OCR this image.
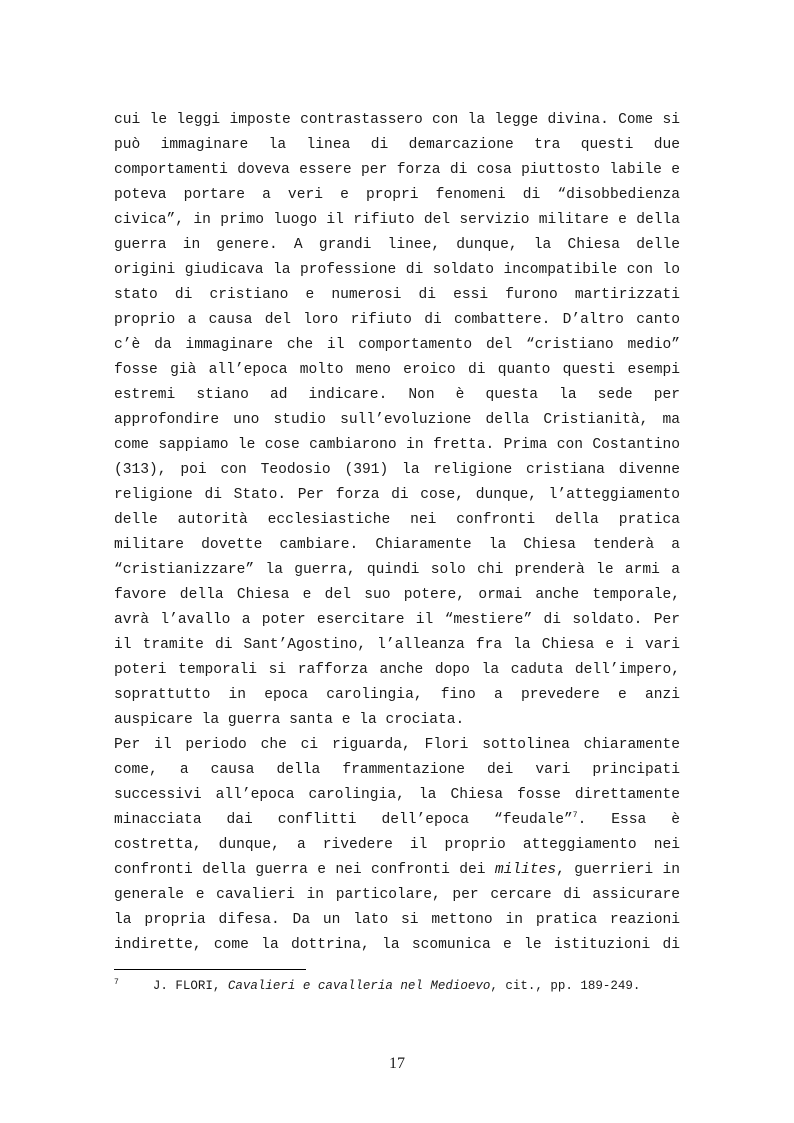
cui le leggi imposte contrastassero con la legge divina. Come si
può immaginare la linea di demarcazione tra questi due
comportamenti doveva essere per forza di cosa piuttosto labile e
poteva portare a veri e propri fenomeni di “disobbedienza
civica”, in primo luogo il rifiuto del servizio militare e della
guerra in genere. A grandi linee, dunque, la Chiesa delle
origini giudicava la professione di soldato incompatibile con lo
stato di cristiano e numerosi di essi furono martirizzati
proprio a causa del loro rifiuto di combattere. D’altro canto
c’è da immaginare che il comportamento del “cristiano medio”
fosse già all’epoca molto meno eroico di quanto questi esempi
estremi stiano ad indicare. Non è questa la sede per
approfondire uno studio sull’evoluzione della Cristianità, ma
come sappiamo le cose cambiarono in fretta. Prima con Costantino
(313), poi con Teodosio (391) la religione cristiana divenne
religione di Stato. Per forza di cose, dunque, l’atteggiamento
delle autorità ecclesiastiche nei confronti della pratica
militare dovette cambiare. Chiaramente la Chiesa tenderà a
“cristianizzare” la guerra, quindi solo chi prenderà le armi a
favore della Chiesa e del suo potere, ormai anche temporale,
avrà l’avallo a poter esercitare il “mestiere” di soldato. Per
il tramite di Sant’Agostino, l’alleanza fra la Chiesa e i vari
poteri temporali si rafforza anche dopo la caduta dell’impero,
soprattutto in epoca carolingia, fino a prevedere e anzi
auspicare la guerra santa e la crociata.
Per il periodo che ci riguarda, Flori sottolinea chiaramente
come, a causa della frammentazione dei vari principati
successivi all’epoca carolingia, la Chiesa fosse direttamente
minacciata dai conflitti dell’epoca “feudale”$^7$. Essa è
costretta, dunque, a rivedere il proprio atteggiamento nei
confronti della guerra e nei confronti dei milites, guerrieri in
generale e cavalieri in particolare, per cercare di assicurare
la propria difesa. Da un lato si mettono in pratica reazioni
indirette, come la dottrina, la scomunica e le istituzioni di
$^7$	J. FLORI, Cavalieri e cavalleria nel Medioevo, cit., pp. 189-249.
17
